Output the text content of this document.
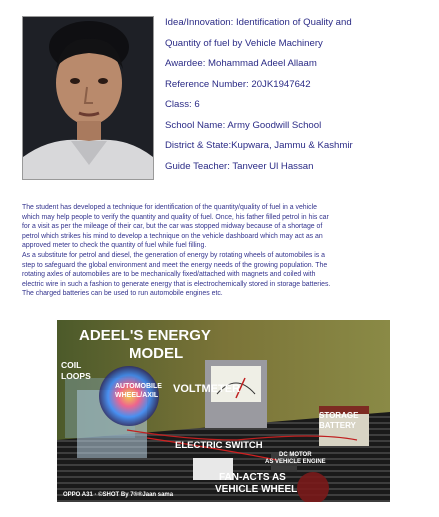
Idea/Innovation: Identification of Quality and
Quantity of fuel by Vehicle Machinery
Awardee: Mohammad Adeel Allaam
Reference Number: 20JK1947642
Class: 6
School Name: Army Goodwill School
District & State:Kupwara, Jammu & Kashmir
Guide Teacher: Tanveer Ul Hassan

The student has developed a technique for identification of the quantity/quality of fuel in a vehicle
which may help people to verify the quantity and quality of fuel. Once, his father filled petrol in his car
for a visit as per the mileage of their car, but the car was stopped midway because of a shortage of
petrol which strikes his mind to develop a technique on the vehicle dashboard which may act as an
approved meter to check the quantity of fuel while fuel filling.

As a substitute for petrol and diesel, the generation of energy by rotating wheels of automobiles is a
step to safeguard the global environment and meet the energy needs of the growing population. The
rotating axles of automobiles are to be mechanically fixed/attached with magnets and coiled with
electric wire in such a fashion to generate energy that is electrochemically stored in storage batteries.
The charged batteries can be used to run automobile engines etc.

ADEEL'S ENERGY
MODEL
COIL
LOOPS
AUTOMOBILE
WHEEL/AXIL
VOLTMETER
STORAGE
BATTERY
ELECTRIC SWITCH
DC MOTOR
AS VEHICLE ENGINE
FAN-ACTS AS
VEHICLE WHEEL
OPPO A31 · ©SHOT By 7®®Jaan sama
